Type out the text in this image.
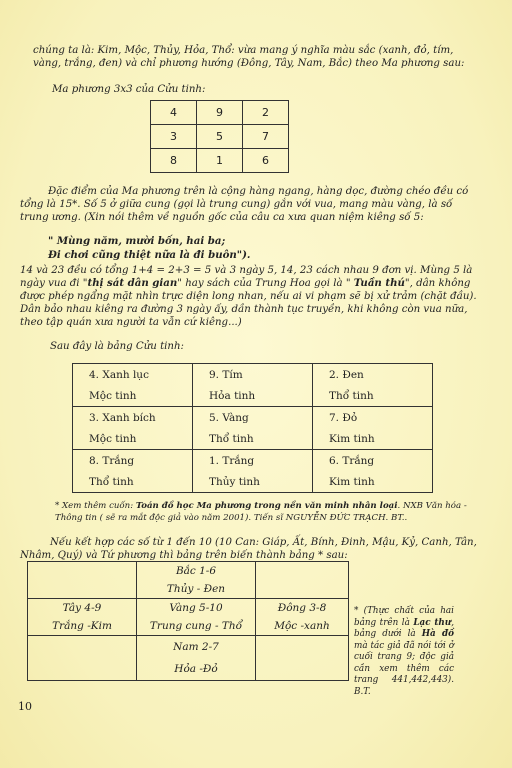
chúng ta là: Kim, Mộc, Thủy, Hỏa, Thổ: vừa mang ý nghĩa màu sắc (xanh, đỏ, tím, vàng, trắng, đen) và chỉ phương hướng (Đông, Tây, Nam, Bắc) theo Ma phương sau:
Ma phương 3x3 của Cửu tinh:
4	9	2
3	5	7
8	1	6
Đặc điểm của Ma phương trên là cộng hàng ngang, hàng dọc, đường chéo đều có tổng là 15*. Số 5 ở giữa cung (gọi là trung cung) gắn với vua, mang màu vàng, là số trung ương. (Xin nói thêm về nguồn gốc của câu ca xưa quan niệm kiêng số 5:
" Mùng năm, mười bốn, hai ba;
Đi chơi cũng thiệt nữa là đi buôn").
14 và 23 đều có tổng 1+4 = 2+3 = 5 và 3 ngày 5, 14, 23 cách nhau 9 đơn vị. Mùng 5 là ngày vua đi "thị sát dân gian" hay sách của Trung Hoa gọi là " Tuần thú", dân không được phép ngẩng mặt nhìn trực diện long nhan, nếu ai vi phạm sẽ bị xử trảm (chặt đầu). Dân bảo nhau kiêng ra đường 3 ngày ấy, dần thành tục truyền, khi không còn vua nữa, theo tập quán xưa người ta vẫn cứ kiêng...)
Sau đây là bảng Cửu tinh:
4. Xanh lục	9. Tím	2. Đen
Mộc tinh	Hỏa tinh	Thổ tinh
3. Xanh bích	5. Vàng	7. Đỏ
Mộc tinh	Thổ tinh	Kim tinh
8. Trắng	1. Trắng	6. Trắng
Thổ tinh	Thủy tinh	Kim tinh
* Xem thêm cuốn: Toán đồ học Ma phương trong nền văn minh nhân loại. NXB Văn hóa - Thông tin ( sẽ ra mắt độc giả vào năm 2001). Tiến sĩ NGUYỄN ĐỨC TRẠCH. BT..
Nếu kết hợp các số từ 1 đến 10 (10 Can: Giáp, Ất, Bính, Đinh, Mậu, Kỷ, Canh, Tân, Nhâm, Quý) và Tứ phương thì bảng trên biến thành bảng * sau:
	Bắc 1-6	
	Thủy - Đen	
Tây 4-9	Vàng 5-10	Đông 3-8
Trắng -Kim	Trung cung - Thổ	Mộc -xanh
	Nam 2-7	
	Hỏa -Đỏ	
* (Thực chất của hai bảng trên là Lạc thư, bảng dưới là Hà đồ mà tác giả đã nói tới ở cuối trang 9; độc giả cần xem thêm các trang 441,442,443). B.T.
10
